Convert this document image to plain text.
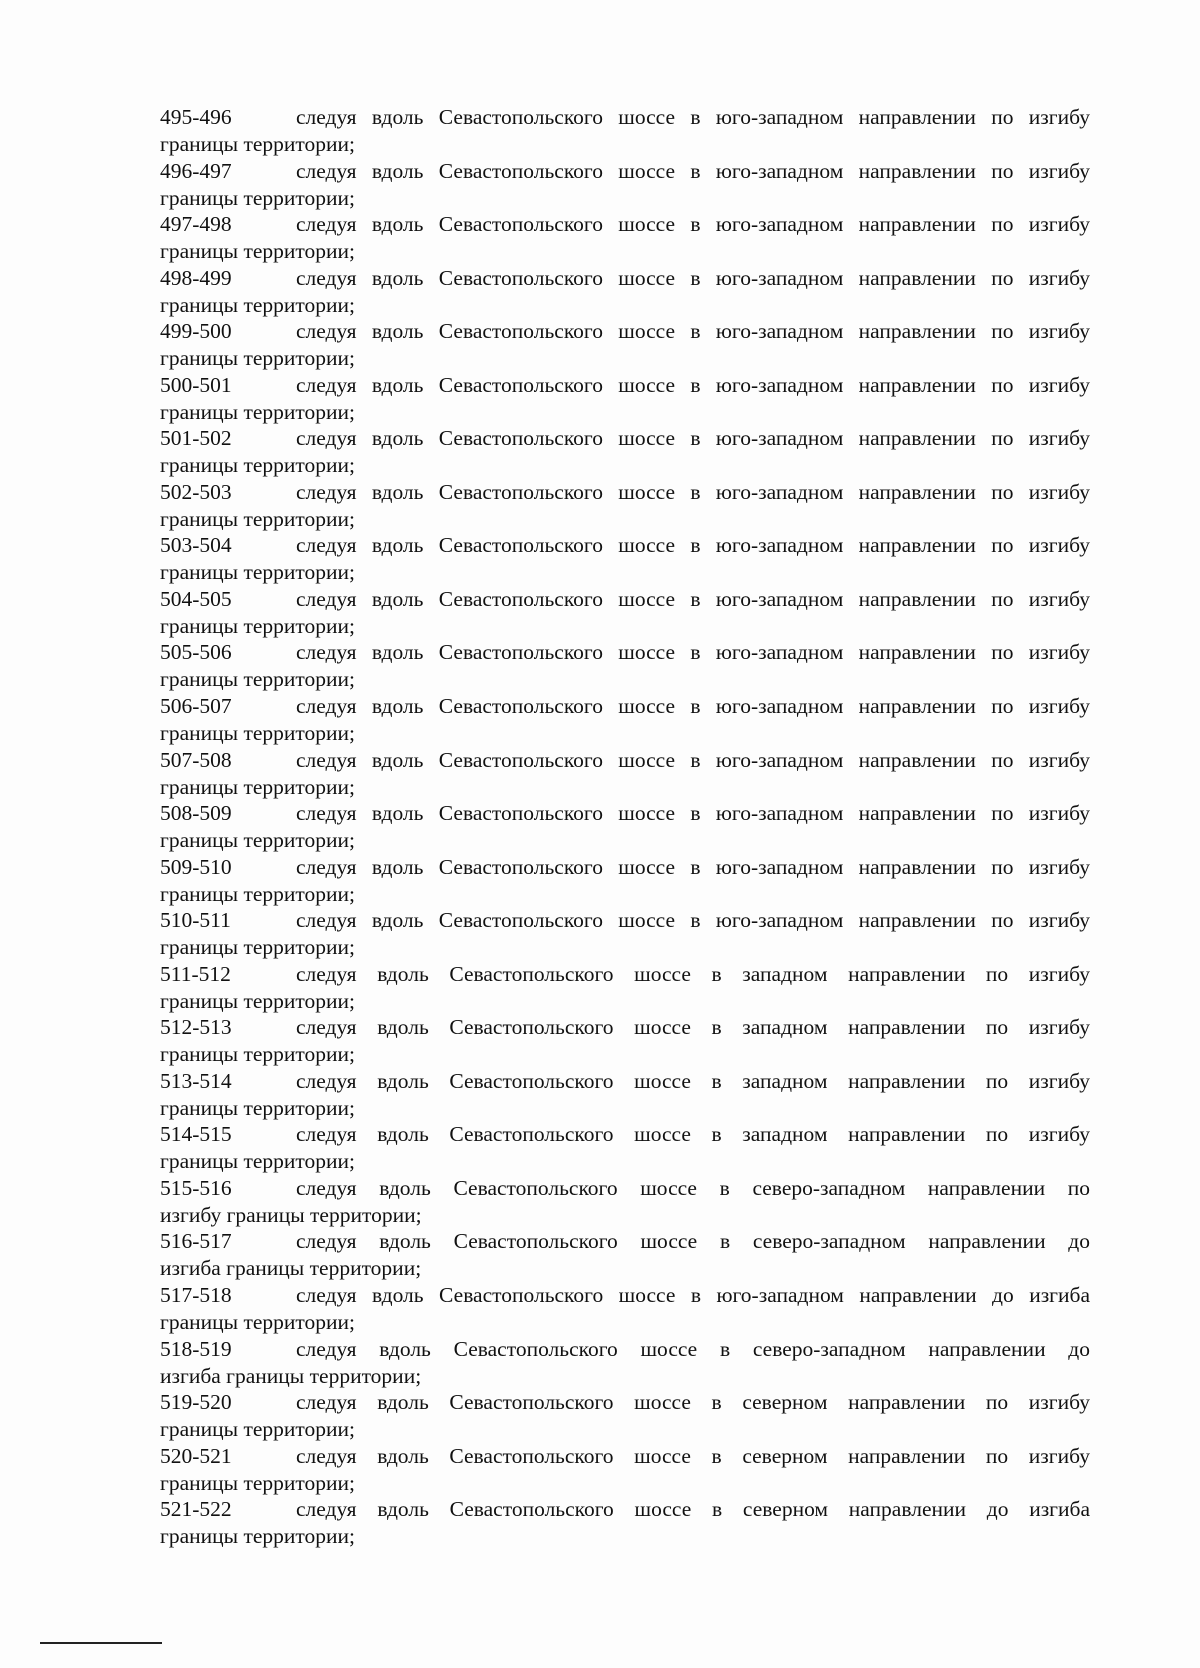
495-496	следуя вдоль Севастопольского шоссе в юго-западном направлении по изгибу
границы территории;
496-497	следуя вдоль Севастопольского шоссе в юго-западном направлении по изгибу
границы территории;
497-498	следуя вдоль Севастопольского шоссе в юго-западном направлении по изгибу
границы территории;
498-499	следуя вдоль Севастопольского шоссе в юго-западном направлении по изгибу
границы территории;
499-500	следуя вдоль Севастопольского шоссе в юго-западном направлении по изгибу
границы территории;
500-501	следуя вдоль Севастопольского шоссе в юго-западном направлении по изгибу
границы территории;
501-502	следуя вдоль Севастопольского шоссе в юго-западном направлении по изгибу
границы территории;
502-503	следуя вдоль Севастопольского шоссе в юго-западном направлении по изгибу
границы территории;
503-504	следуя вдоль Севастопольского шоссе в юго-западном направлении по изгибу
границы территории;
504-505	следуя вдоль Севастопольского шоссе в юго-западном направлении по изгибу
границы территории;
505-506	следуя вдоль Севастопольского шоссе в юго-западном направлении по изгибу
границы территории;
506-507	следуя вдоль Севастопольского шоссе в юго-западном направлении по изгибу
границы территории;
507-508	следуя вдоль Севастопольского шоссе в юго-западном направлении по изгибу
границы территории;
508-509	следуя вдоль Севастопольского шоссе в юго-западном направлении по изгибу
границы территории;
509-510	следуя вдоль Севастопольского шоссе в юго-западном направлении по изгибу
границы территории;
510-511	следуя вдоль Севастопольского шоссе в юго-западном направлении по изгибу
границы территории;
511-512	следуя вдоль Севастопольского шоссе в западном направлении по изгибу
границы территории;
512-513	следуя вдоль Севастопольского шоссе в западном направлении по изгибу
границы территории;
513-514	следуя вдоль Севастопольского шоссе в западном направлении по изгибу
границы территории;
514-515	следуя вдоль Севастопольского шоссе в западном направлении по изгибу
границы территории;
515-516	следуя вдоль Севастопольского шоссе в северо-западном направлении по
изгибу границы территории;
516-517	следуя вдоль Севастопольского шоссе в северо-западном направлении до
изгиба границы территории;
517-518	следуя вдоль Севастопольского шоссе в юго-западном направлении до изгиба
границы территории;
518-519	следуя вдоль Севастопольского шоссе в северо-западном направлении до
изгиба границы территории;
519-520	следуя вдоль Севастопольского шоссе в северном направлении по изгибу
границы территории;
520-521	следуя вдоль Севастопольского шоссе в северном направлении по изгибу
границы территории;
521-522	следуя вдоль Севастопольского шоссе в северном направлении до изгиба
границы территории;
